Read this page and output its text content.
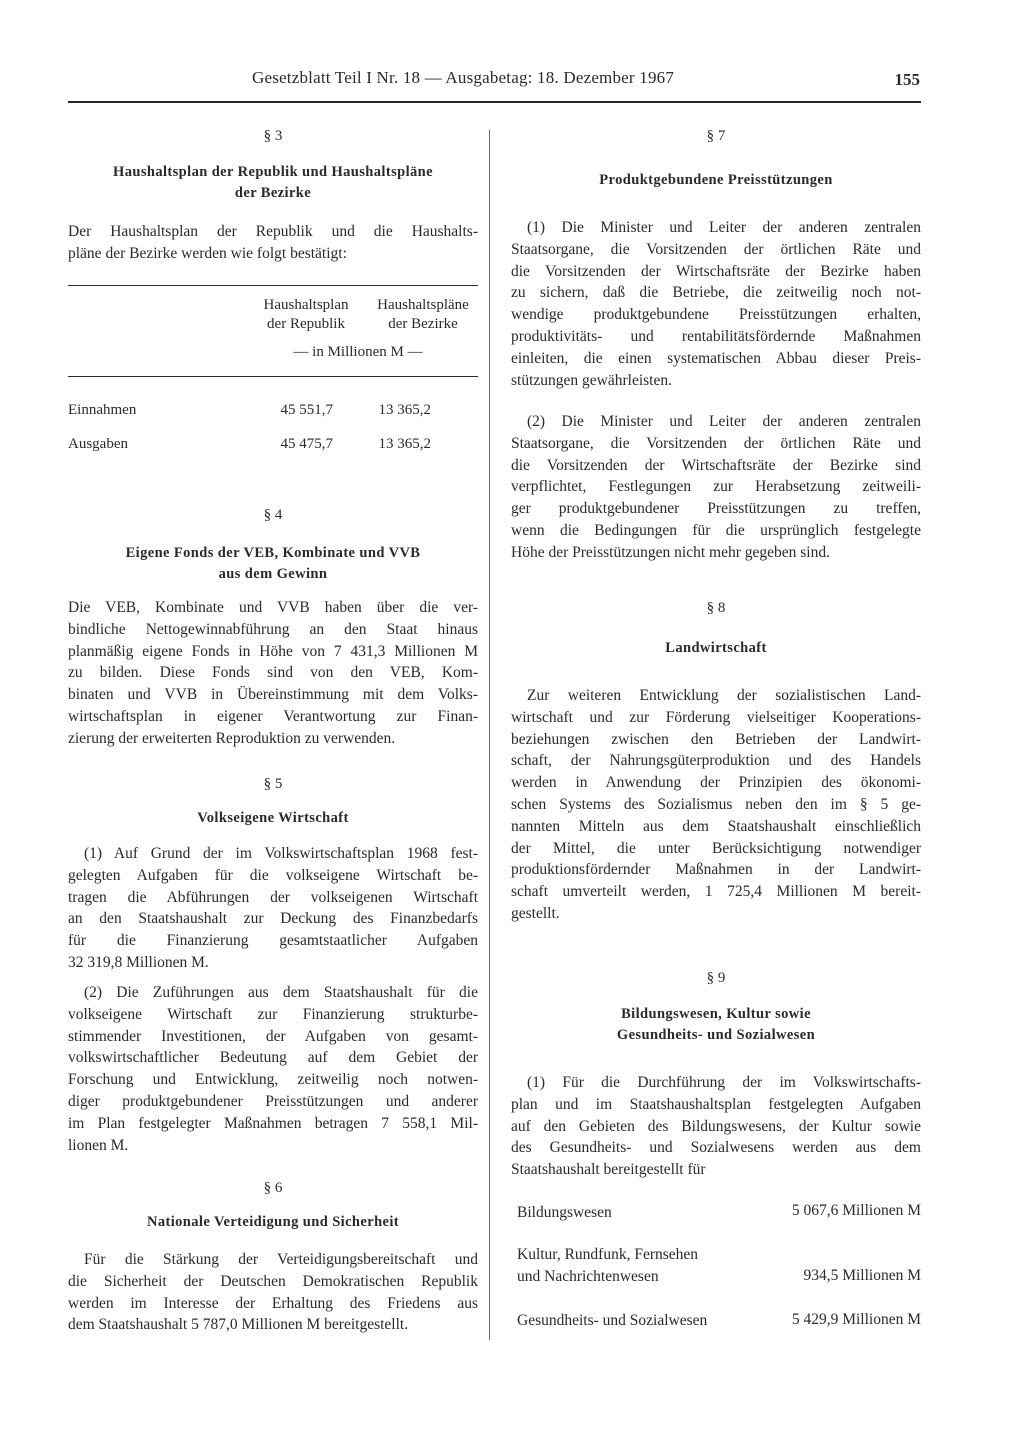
Gesetzblatt Teil I Nr. 18 — Ausgabetag: 18. Dezember 1967	155
§ 3
Haushaltsplan der Republik und Haushaltspläne
der Bezirke
Der Haushaltsplan der Republik und die Haushalts-
pläne der Bezirke werden wie folgt bestätigt:
Haushaltsplan
der Republik
Haushaltspläne
der Bezirke
— in Millionen M —
Einnahmen	45 551,7	13 365,2
Ausgaben	45 475,7	13 365,2
§ 4
Eigene Fonds der VEB, Kombinate und VVB
aus dem Gewinn
Die VEB, Kombinate und VVB haben über die ver-
bindliche Nettogewinnabführung an den Staat hinaus
planmäßig eigene Fonds in Höhe von 7 431,3 Millionen M
zu bilden. Diese Fonds sind von den VEB, Kom-
binaten und VVB in Übereinstimmung mit dem Volks-
wirtschaftsplan in eigener Verantwortung zur Finan-
zierung der erweiterten Reproduktion zu verwenden.
§ 5
Volkseigene Wirtschaft
(1) Auf Grund der im Volkswirtschaftsplan 1968 fest-
gelegten Aufgaben für die volkseigene Wirtschaft be-
tragen die Abführungen der volkseigenen Wirtschaft
an den Staatshaushalt zur Deckung des Finanzbedarfs
für die Finanzierung gesamtstaatlicher Aufgaben
32 319,8 Millionen M.
(2) Die Zuführungen aus dem Staatshaushalt für die
volkseigene Wirtschaft zur Finanzierung strukturbe-
stimmender Investitionen, der Aufgaben von gesamt-
volkswirtschaftlicher Bedeutung auf dem Gebiet der
Forschung und Entwicklung, zeitweilig noch notwen-
diger produktgebundener Preisstützungen und anderer
im Plan festgelegter Maßnahmen betragen 7 558,1 Mil-
lionen M.
§ 6
Nationale Verteidigung und Sicherheit
Für die Stärkung der Verteidigungsbereitschaft und
die Sicherheit der Deutschen Demokratischen Republik
werden im Interesse der Erhaltung des Friedens aus
dem Staatshaushalt 5 787,0 Millionen M bereitgestellt.
§ 7
Produktgebundene Preisstützungen
(1) Die Minister und Leiter der anderen zentralen
Staatsorgane, die Vorsitzenden der örtlichen Räte und
die Vorsitzenden der Wirtschaftsräte der Bezirke haben
zu sichern, daß die Betriebe, die zeitweilig noch not-
wendige produktgebundene Preisstützungen erhalten,
produktivitäts- und rentabilitätsfördernde Maßnahmen
einleiten, die einen systematischen Abbau dieser Preis-
stützungen gewährleisten.
(2) Die Minister und Leiter der anderen zentralen
Staatsorgane, die Vorsitzenden der örtlichen Räte und
die Vorsitzenden der Wirtschaftsräte der Bezirke sind
verpflichtet, Festlegungen zur Herabsetzung zeitweili-
ger produktgebundener Preisstützungen zu treffen,
wenn die Bedingungen für die ursprünglich festgelegte
Höhe der Preisstützungen nicht mehr gegeben sind.
§ 8
Landwirtschaft
Zur weiteren Entwicklung der sozialistischen Land-
wirtschaft und zur Förderung vielseitiger Kooperations-
beziehungen zwischen den Betrieben der Landwirt-
schaft, der Nahrungsgüterproduktion und des Handels
werden in Anwendung der Prinzipien des ökonomi-
schen Systems des Sozialismus neben den im § 5 ge-
nannten Mitteln aus dem Staatshaushalt einschließlich
der Mittel, die unter Berücksichtigung notwendiger
produktionsfördernder Maßnahmen in der Landwirt-
schaft umverteilt werden, 1 725,4 Millionen M bereit-
gestellt.
§ 9
Bildungswesen, Kultur sowie
Gesundheits- und Sozialwesen
(1) Für die Durchführung der im Volkswirtschafts-
plan und im Staatshaushaltsplan festgelegten Aufgaben
auf den Gebieten des Bildungswesens, der Kultur sowie
des Gesundheits- und Sozialwesens werden aus dem
Staatshaushalt bereitgestellt für
Bildungswesen	5 067,6 Millionen M
Kultur, Rundfunk, Fernsehen
und Nachrichtenwesen	934,5 Millionen M
Gesundheits- und Sozialwesen	5 429,9 Millionen M
